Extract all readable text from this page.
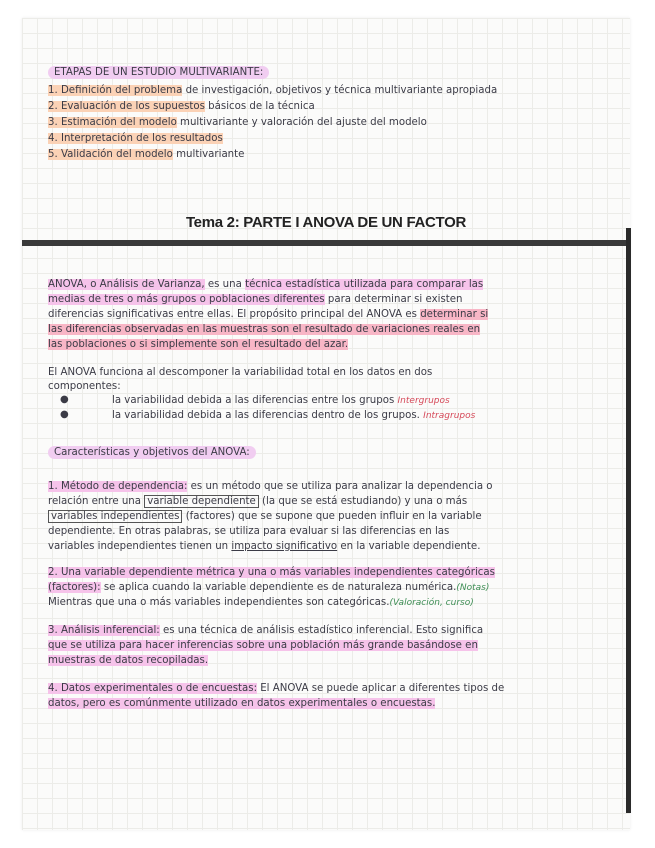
ETAPAS DE UN ESTUDIO MULTIVARIANTE:
1. Definición del problema de investigación, objetivos y técnica multivariante apropiada
2. Evaluación de los supuestos básicos de la técnica
3. Estimación del modelo multivariante y valoración del ajuste del modelo
4. Interpretación de los resultados
5. Validación del modelo multivariante
Tema 2: PARTE I ANOVA DE UN FACTOR
ANOVA, o Análisis de Varianza, es una técnica estadística utilizada para comparar las
medias de tres o más grupos o poblaciones diferentes para determinar si existen
diferencias significativas entre ellas. El propósito principal del ANOVA es determinar si
las diferencias observadas en las muestras son el resultado de variaciones reales en
las poblaciones o si simplemente son el resultado del azar.
El ANOVA funciona al descomponer la variabilidad total en los datos en dos
componentes:
●	la variabilidad debida a las diferencias entre los grupos Intergrupos
●	la variabilidad debida a las diferencias dentro de los grupos. Intragrupos
Características y objetivos del ANOVA:
1. Método de dependencia: es un método que se utiliza para analizar la dependencia o
relación entre una variable dependiente (la que se está estudiando) y una o más
variables independientes (factores) que se supone que pueden influir en la variable
dependiente. En otras palabras, se utiliza para evaluar si las diferencias en las
variables independientes tienen un impacto significativo en la variable dependiente.
2. Una variable dependiente métrica y una o más variables independientes categóricas
(factores): se aplica cuando la variable dependiente es de naturaleza numérica.(Notas)
Mientras que una o más variables independientes son categóricas.(Valoración, curso)
3. Análisis inferencial: es una técnica de análisis estadístico inferencial. Esto significa
que se utiliza para hacer inferencias sobre una población más grande basándose en
muestras de datos recopiladas.
4. Datos experimentales o de encuestas: El ANOVA se puede aplicar a diferentes tipos de
datos, pero es comúnmente utilizado en datos experimentales o encuestas.
